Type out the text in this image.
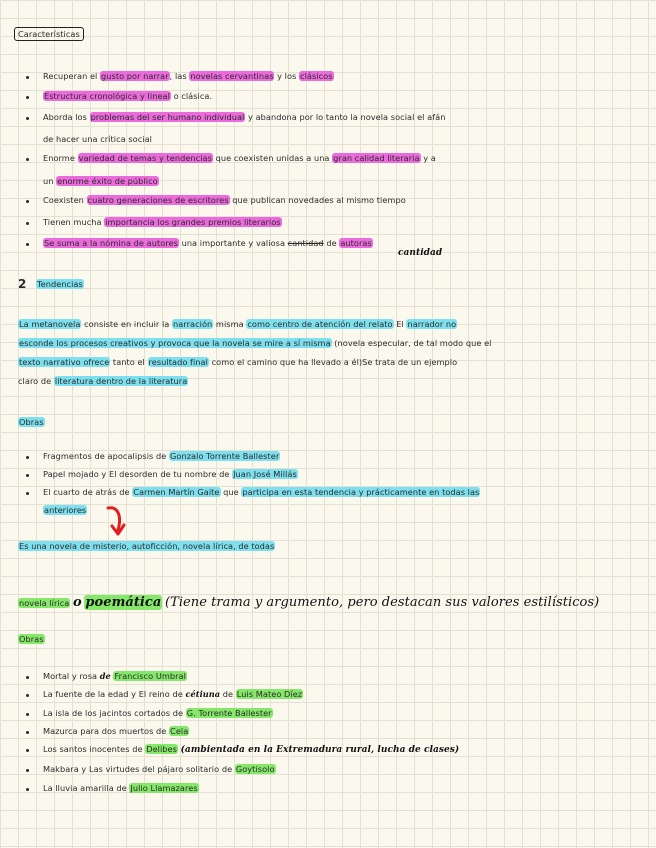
Características
Recuperan el gusto por narrar, las novelas cervantinas y los clásicos
Estructura cronológica y lineal o clásica.
Aborda los problemas del ser humano individual y abandona por lo tanto la novela social el afán
de hacer una crítica social
Enorme variedad de temas y tendencias que coexisten unidas a una gran calidad literaria y a
un enorme éxito de público
Coexisten cuatro generaciones de escritores que publican novedades al mismo tiempo
Tienen mucha importancia los grandes premios literarios
Se suma a la nómina de autores una importante y valiosa cantidad de autoras
cantidad
2 Tendencias
La metanovela consiste en incluir la narración misma como centro de atención del relato El narrador no
esconde los procesos creativos y provoca que la novela se mire a sí misma (novela especular, de tal modo que el
texto narrativo ofrece tanto el resultado final como el camino que ha llevado a él)Se trata de un ejemplo
claro de literatura dentro de la literatura
Obras
Fragmentos de apocalipsis de Gonzalo Torrente Ballester
Papel mojado y El desorden de tu nombre de Juan José Millás
El cuarto de atrás de Carmen Martín Gaite que participa en esta tendencia y prácticamente en todas las
anteriores
Es una novela de misterio, autoficción, novela lírica, de todas
novela lírica o poemática (Tiene trama y argumento, pero destacan sus valores estilísticos)
Obras
Mortal y rosa de Francisco Umbral
La fuente de la edad y El reino de cétiuna de Luis Mateo Díez
La isla de los jacintos cortados de G. Torrente Ballester
Mazurca para dos muertos de Cela
Los santos inocentes de Delibes (ambientada en la Extremadura rural, lucha de clases)
Makbara y Las virtudes del pájaro solitario de Goytisolo
La lluvia amarilla de Julio Llamazares
